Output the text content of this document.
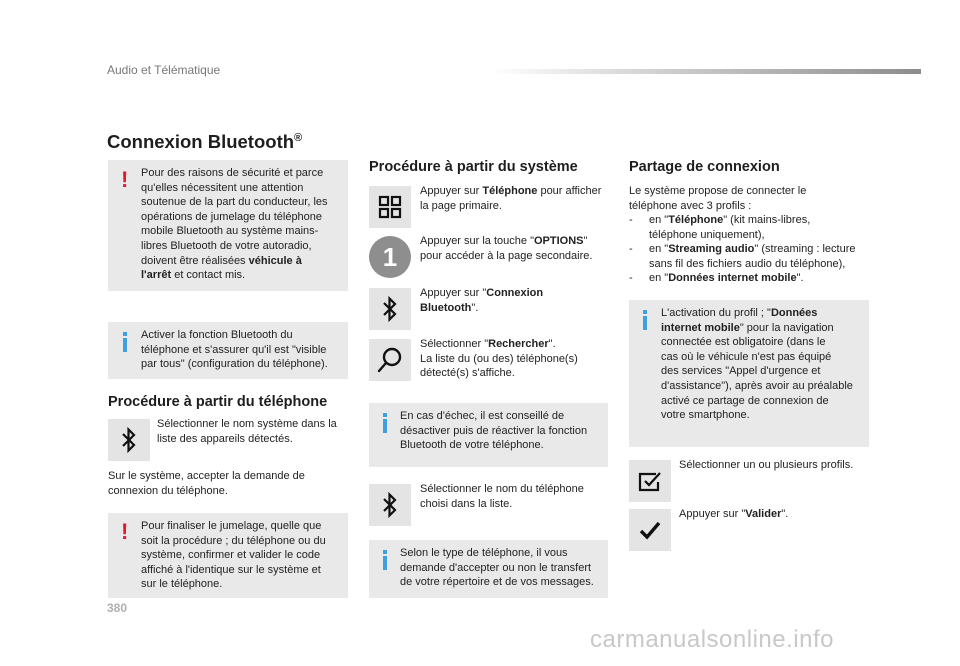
Audio et Télématique
Connexion Bluetooth®
! Pour des raisons de sécurité et parce
qu'elles nécessitent une attention
soutenue de la part du conducteur, les
opérations de jumelage du téléphone
mobile Bluetooth au système mains-
libres Bluetooth de votre autoradio,
doivent être réalisées véhicule à
l'arrêt et contact mis.
Activer la fonction Bluetooth du
téléphone et s'assurer qu'il est "visible
par tous" (configuration du téléphone).
Procédure à partir du téléphone
Sélectionner le nom système dans la
liste des appareils détectés.
Sur le système, accepter la demande de
connexion du téléphone.
! Pour finaliser le jumelage, quelle que
soit la procédure ; du téléphone ou du
système, confirmer et valider le code
affiché à l'identique sur le système et
sur le téléphone.
Procédure à partir du système
Appuyer sur Téléphone pour afficher
la page primaire.
1
Appuyer sur la touche "OPTIONS"
pour accéder à la page secondaire.
Appuyer sur "Connexion
Bluetooth".
Sélectionner "Rechercher".
La liste du (ou des) téléphone(s)
détecté(s) s'affiche.
En cas d'échec, il est conseillé de
désactiver puis de réactiver la fonction
Bluetooth de votre téléphone.
Sélectionner le nom du téléphone
choisi dans la liste.
Selon le type de téléphone, il vous
demande d'accepter ou non le transfert
de votre répertoire et de vos messages.
Partage de connexion
Le système propose de connecter le
téléphone avec 3 profils :
- en "Téléphone" (kit mains-libres,
téléphone uniquement),
- en "Streaming audio" (streaming : lecture
sans fil des fichiers audio du téléphone),
- en "Données internet mobile".
L'activation du profil ; "Données
internet mobile" pour la navigation
connectée est obligatoire (dans le
cas où le véhicule n'est pas équipé
des services "Appel d'urgence et
d'assistance"), après avoir au préalable
activé ce partage de connexion de
votre smartphone.
Sélectionner un ou plusieurs profils.
Appuyer sur "Valider".
380
carmanualsonline.info
